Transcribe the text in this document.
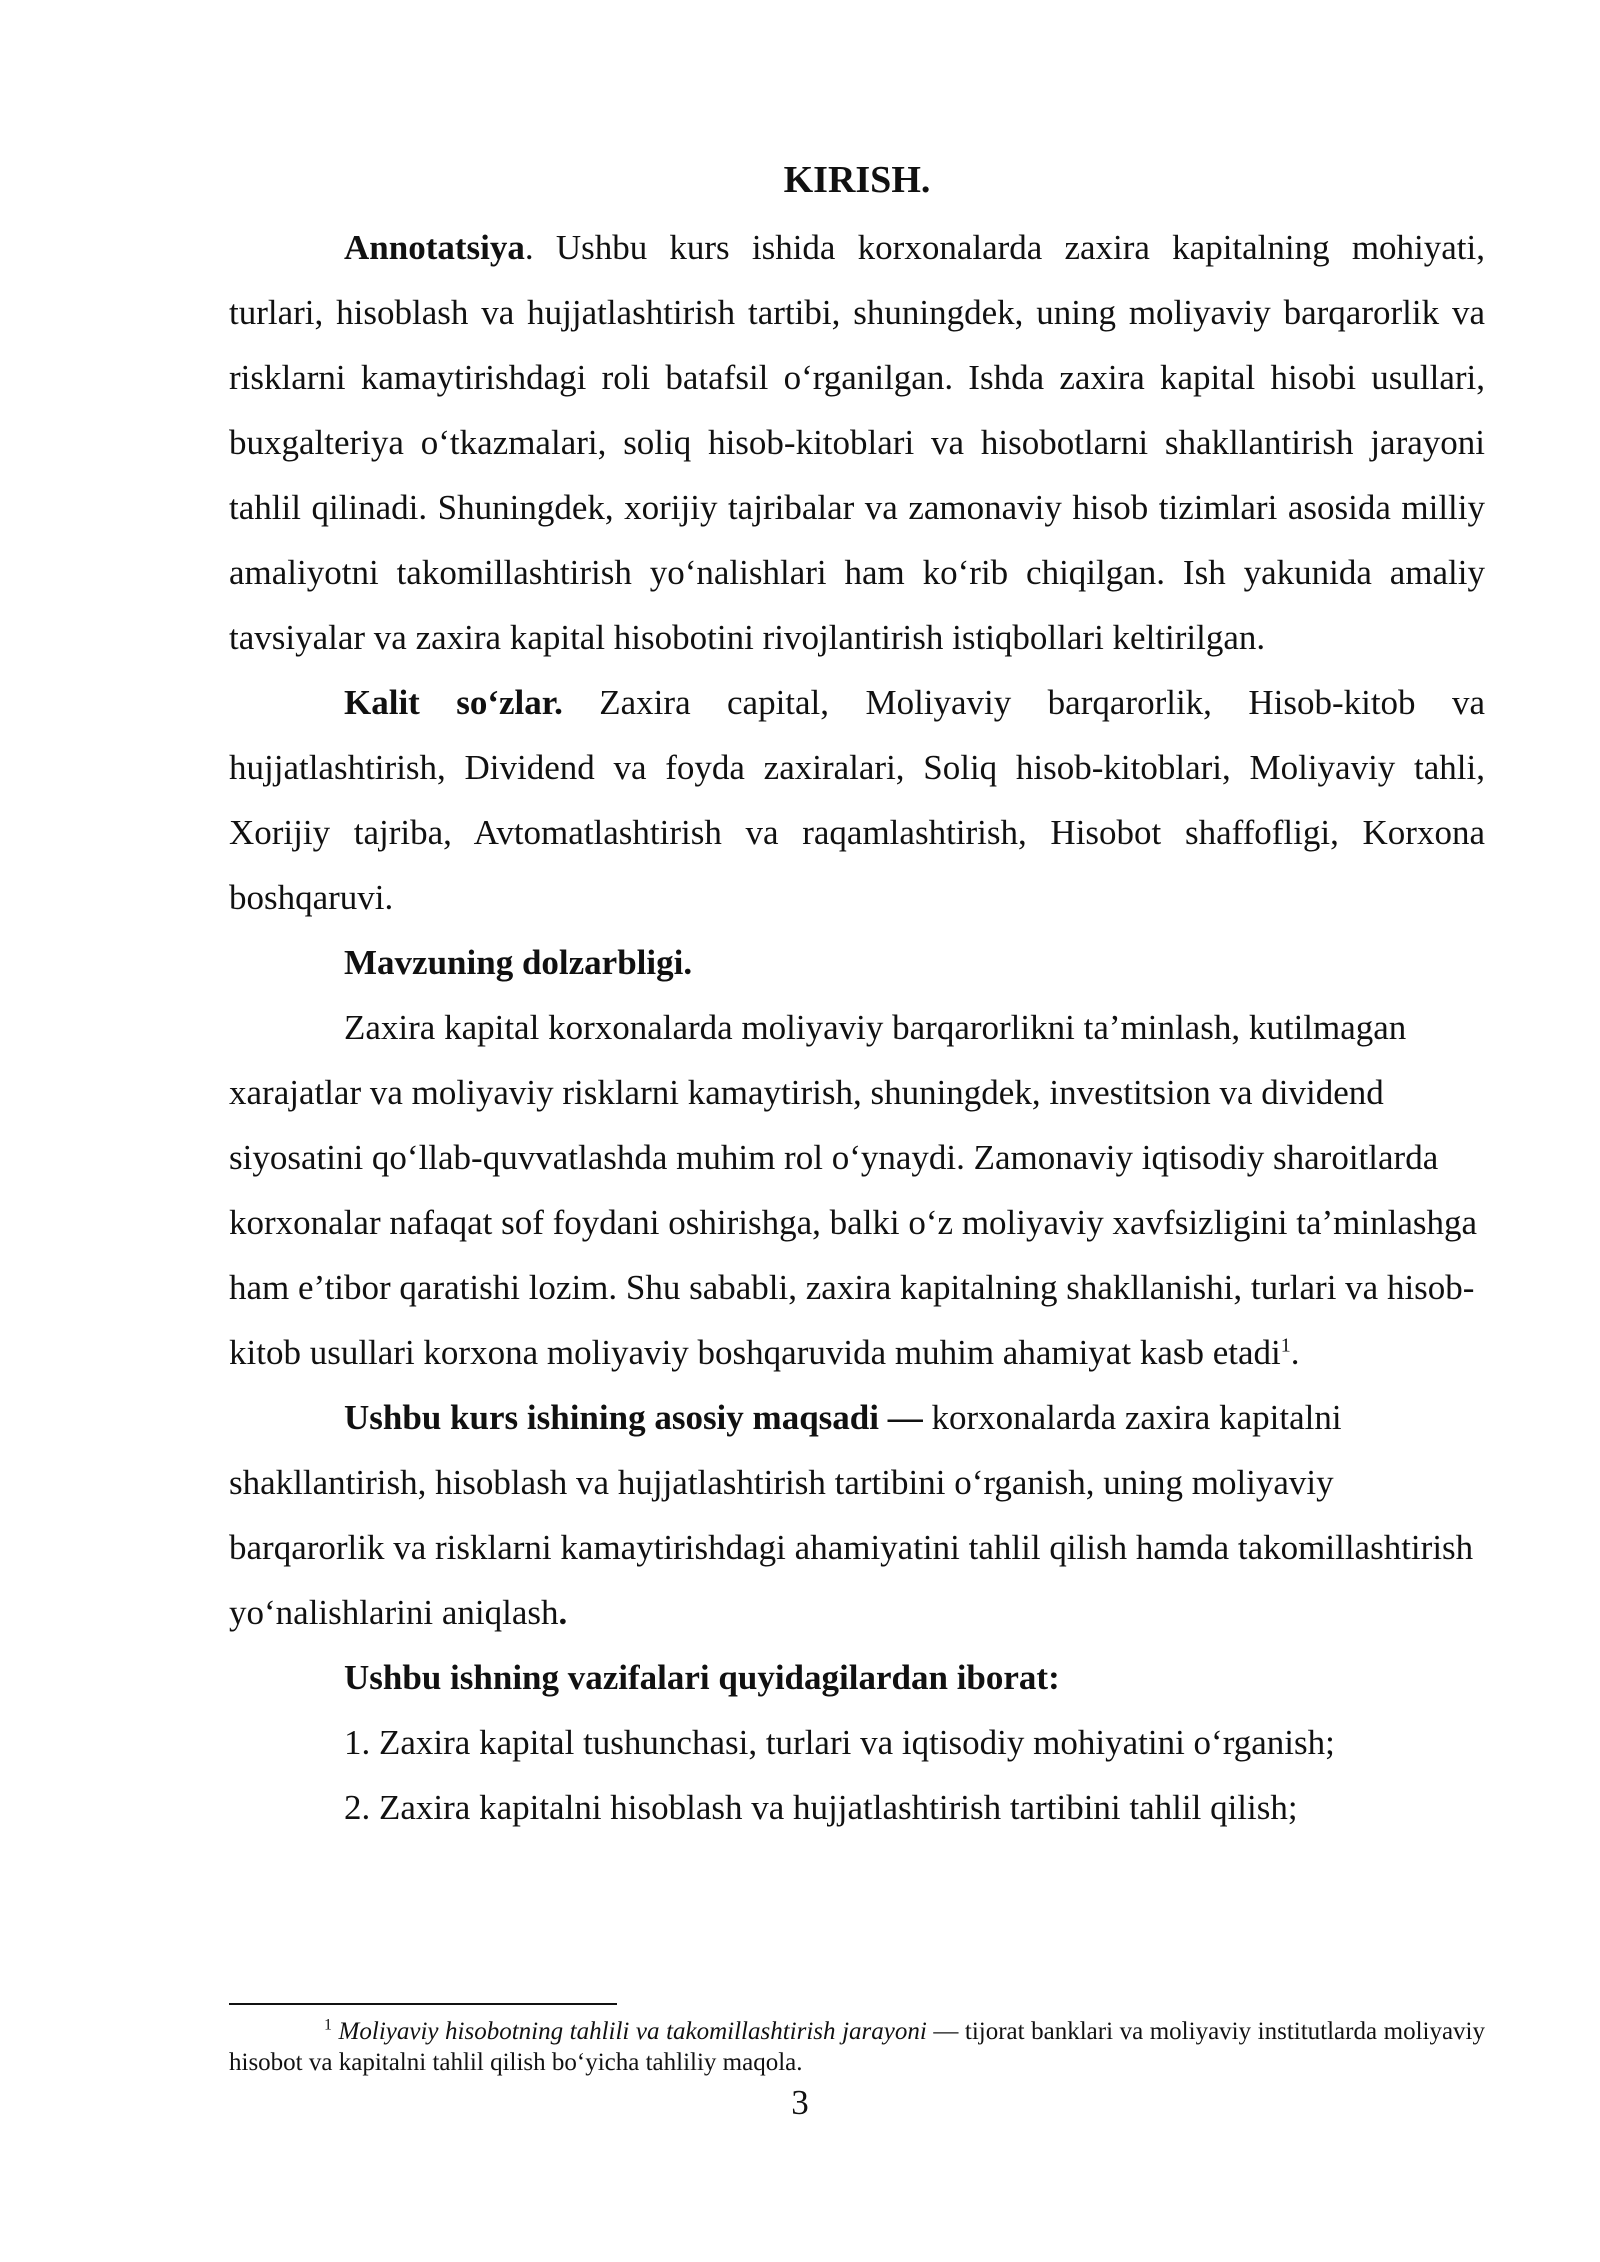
KIRISH.

Annotatsiya. Ushbu kurs ishida korxonalarda zaxira kapitalning mohiyati, turlari, hisoblash va hujjatlashtirish tartibi, shuningdek, uning moliyaviy barqarorlik va risklarni kamaytirishdagi roli batafsil o‘rganilgan. Ishda zaxira kapital hisobi usullari, buxgalteriya o‘tkazmalari, soliq hisob-kitoblari va hisobotlarni shakllantirish jarayoni tahlil qilinadi. Shuningdek, xorijiy tajribalar va zamonaviy hisob tizimlari asosida milliy amaliyotni takomillashtirish yo‘nalishlari ham ko‘rib chiqilgan. Ish yakunida amaliy tavsiyalar va zaxira kapital hisobotini rivojlantirish istiqbollari keltirilgan.

Kalit so‘zlar. Zaxira capital, Moliyaviy barqarorlik, Hisob-kitob va hujjatlashtirish, Dividend va foyda zaxiralari, Soliq hisob-kitoblari, Moliyaviy tahli, Xorijiy tajriba, Avtomatlashtirish va raqamlashtirish, Hisobot shaffofligi, Korxona boshqaruvi.

Mavzuning dolzarbligi.

Zaxira kapital korxonalarda moliyaviy barqarorlikni ta’minlash, kutilmagan xarajatlar va moliyaviy risklarni kamaytirish, shuningdek, investitsion va dividend siyosatini qo‘llab-quvvatlashda muhim rol o‘ynaydi. Zamonaviy iqtisodiy sharoitlarda korxonalar nafaqat sof foydani oshirishga, balki o‘z moliyaviy xavfsizligini ta’minlashga ham e’tibor qaratishi lozim. Shu sababli, zaxira kapitalning shakllanishi, turlari va hisob-kitob usullari korxona moliyaviy boshqaruvida muhim ahamiyat kasb etadi$^1$.

Ushbu kurs ishining asosiy maqsadi — korxonalarda zaxira kapitalni shakllantirish, hisoblash va hujjatlashtirish tartibini o‘rganish, uning moliyaviy barqarorlik va risklarni kamaytirishdagi ahamiyatini tahlil qilish hamda takomillashtirish yo‘nalishlarini aniqlash.

Ushbu ishning vazifalari quyidagilardan iborat:

1. Zaxira kapital tushunchasi, turlari va iqtisodiy mohiyatini o‘rganish;

2. Zaxira kapitalni hisoblash va hujjatlashtirish tartibini tahlil qilish;

$^1$ Moliyaviy hisobotning tahlili va takomillashtirish jarayoni — tijorat banklari va moliyaviy institutlarda moliyaviy hisobot va kapitalni tahlil qilish bo‘yicha tahliliy maqola.
3
